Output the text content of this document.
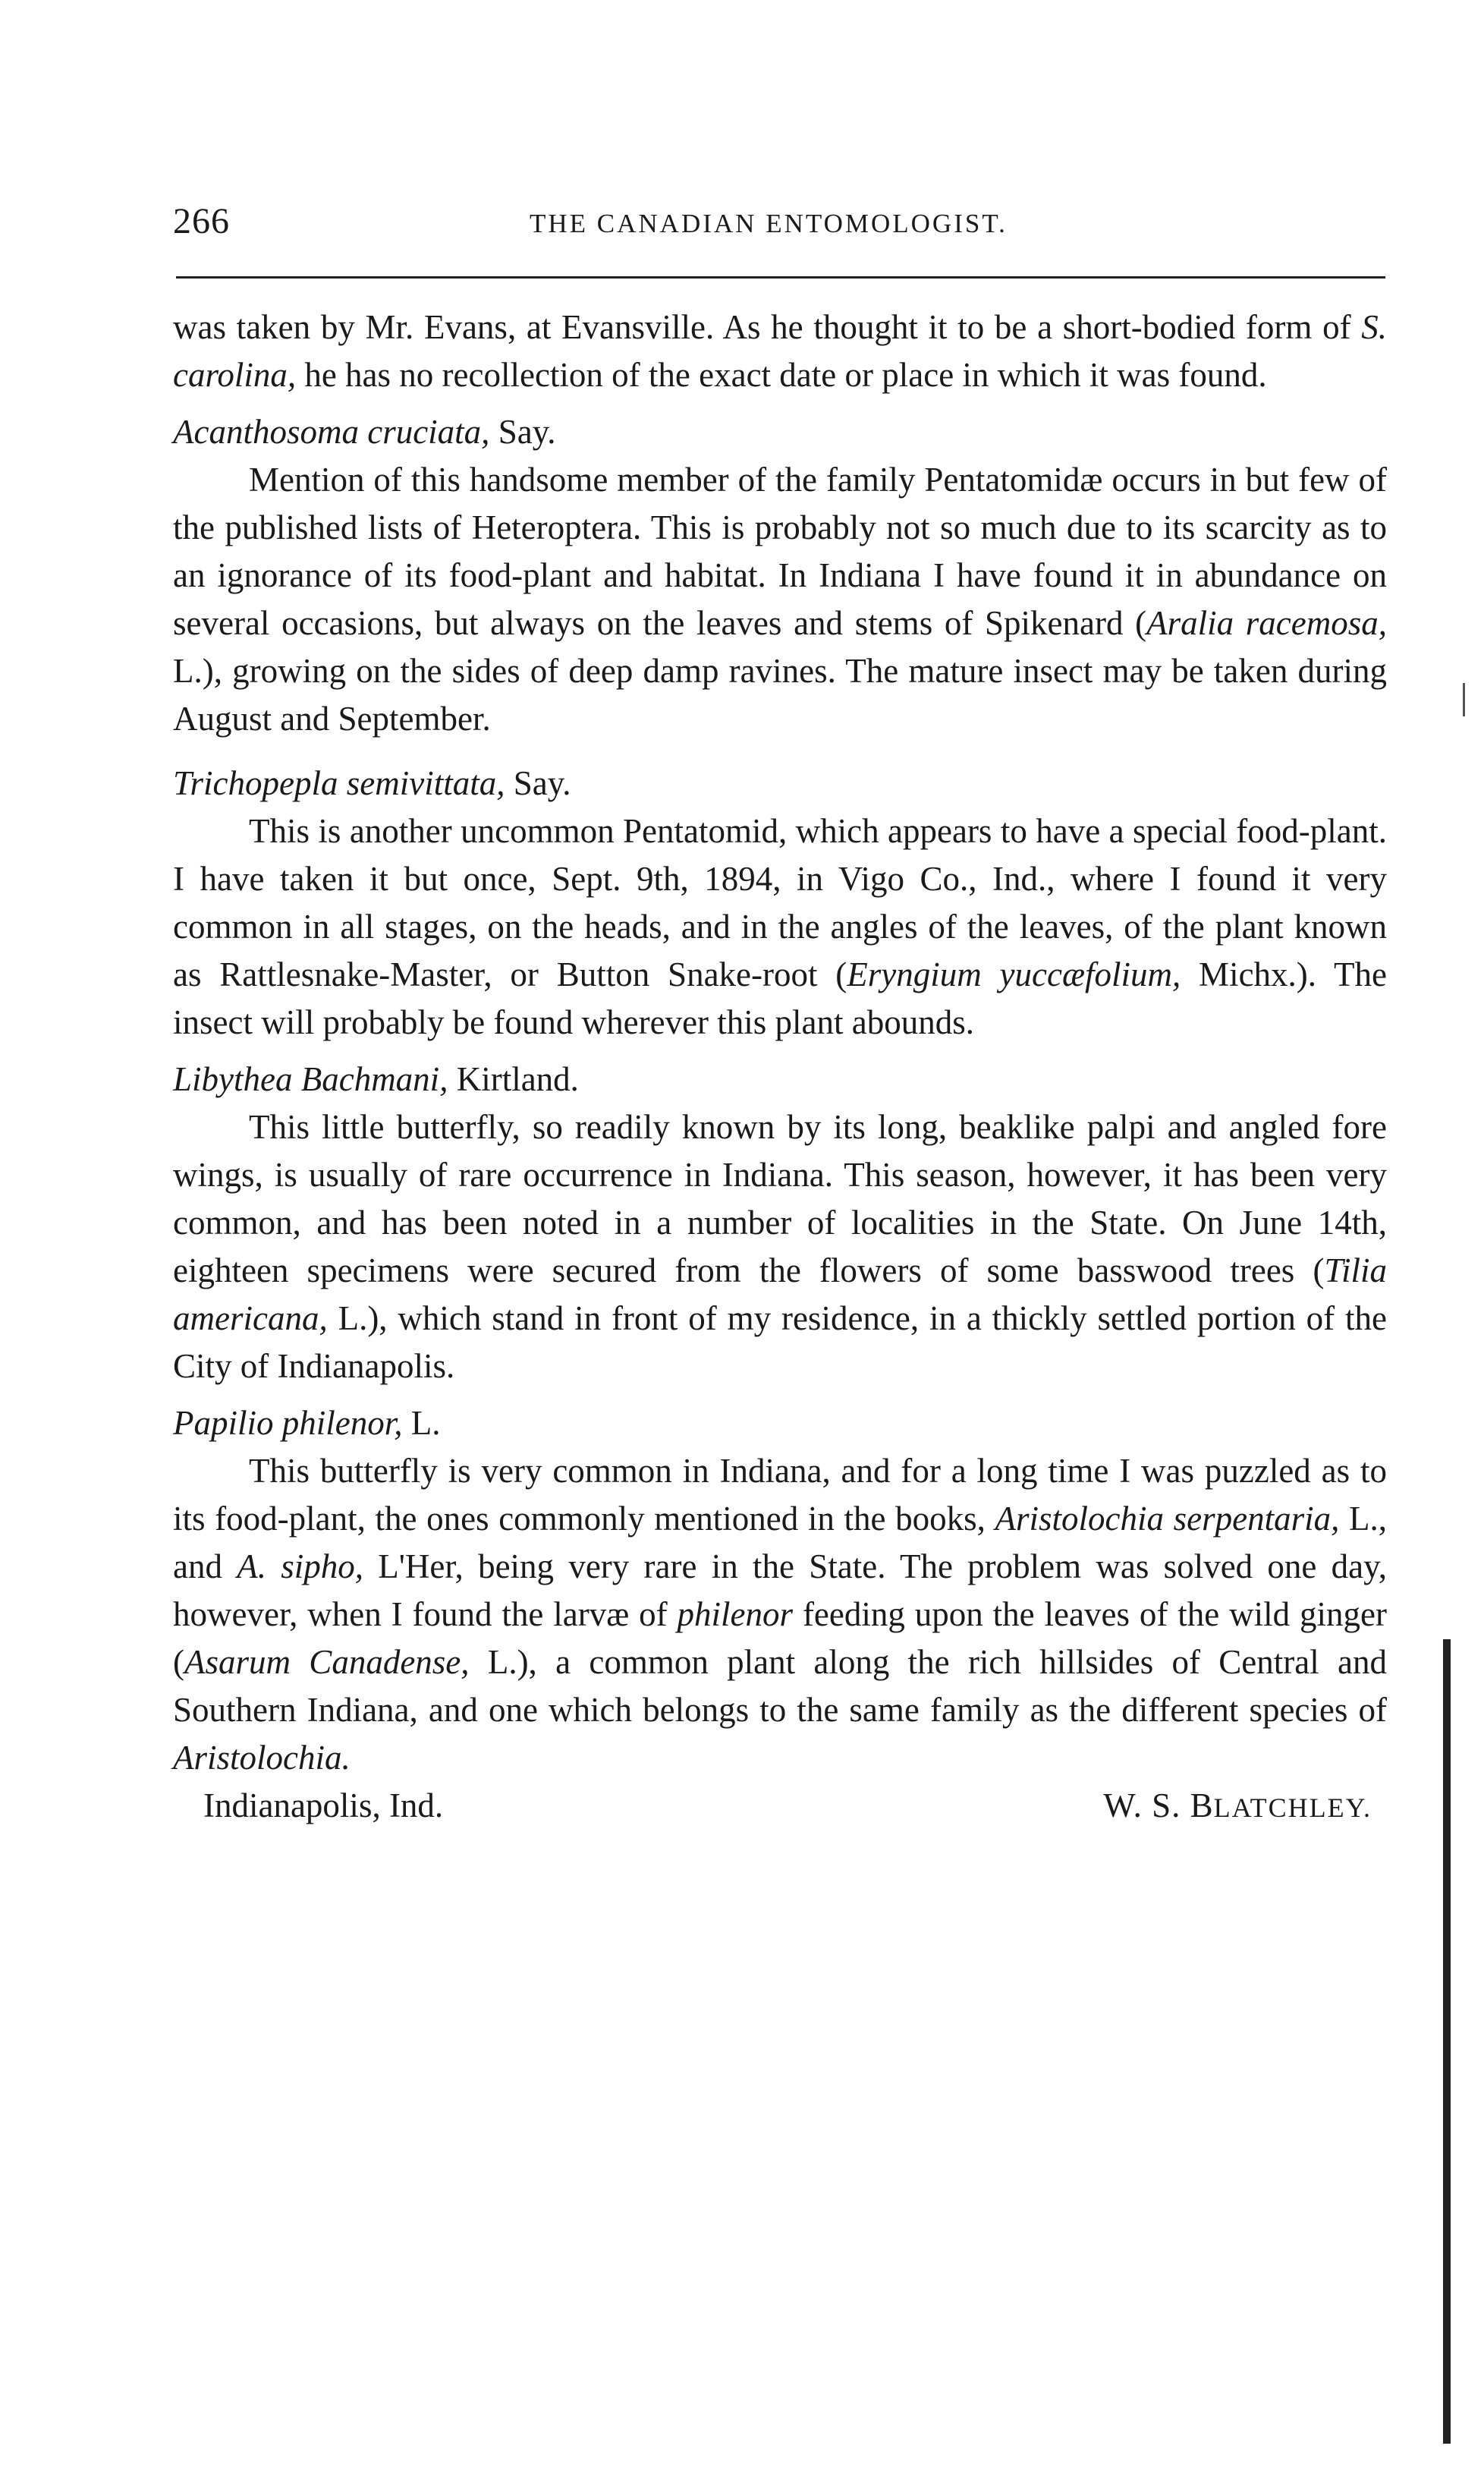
266	THE CANADIAN ENTOMOLOGIST.

was taken by Mr. Evans, at Evansville. As he thought it to be a short-bodied form of S. carolina, he has no recollection of the exact date or place in which it was found.

Acanthosoma cruciata, Say.

Mention of this handsome member of the family Pentatomidæ occurs in but few of the published lists of Heteroptera. This is probably not so much due to its scarcity as to an ignorance of its food-plant and habitat. In Indiana I have found it in abundance on several occasions, but always on the leaves and stems of Spikenard (Aralia racemosa, L.), growing on the sides of deep damp ravines. The mature insect may be taken during August and September.

Trichopepla semivittata, Say.

This is another uncommon Pentatomid, which appears to have a special food-plant. I have taken it but once, Sept. 9th, 1894, in Vigo Co., Ind., where I found it very common in all stages, on the heads, and in the angles of the leaves, of the plant known as Rattlesnake-Master, or Button Snake-root (Eryngium yuccæfolium, Michx.). The insect will probably be found wherever this plant abounds.

Libythea Bachmani, Kirtland.

This little butterfly, so readily known by its long, beaklike palpi and angled fore wings, is usually of rare occurrence in Indiana. This season, however, it has been very common, and has been noted in a number of localities in the State. On June 14th, eighteen specimens were secured from the flowers of some basswood trees (Tilia americana, L.), which stand in front of my residence, in a thickly settled portion of the City of Indianapolis.

Papilio philenor, L.

This butterfly is very common in Indiana, and for a long time I was puzzled as to its food-plant, the ones commonly mentioned in the books, Aristolochia serpentaria, L., and A. sipho, L'Her, being very rare in the State. The problem was solved one day, however, when I found the larvæ of philenor feeding upon the leaves of the wild ginger (Asarum Canadense, L.), a common plant along the rich hillsides of Central and Southern Indiana, and one which belongs to the same family as the different species of Aristolochia.

Indianapolis, Ind.	W. S. BLATCHLEY.
